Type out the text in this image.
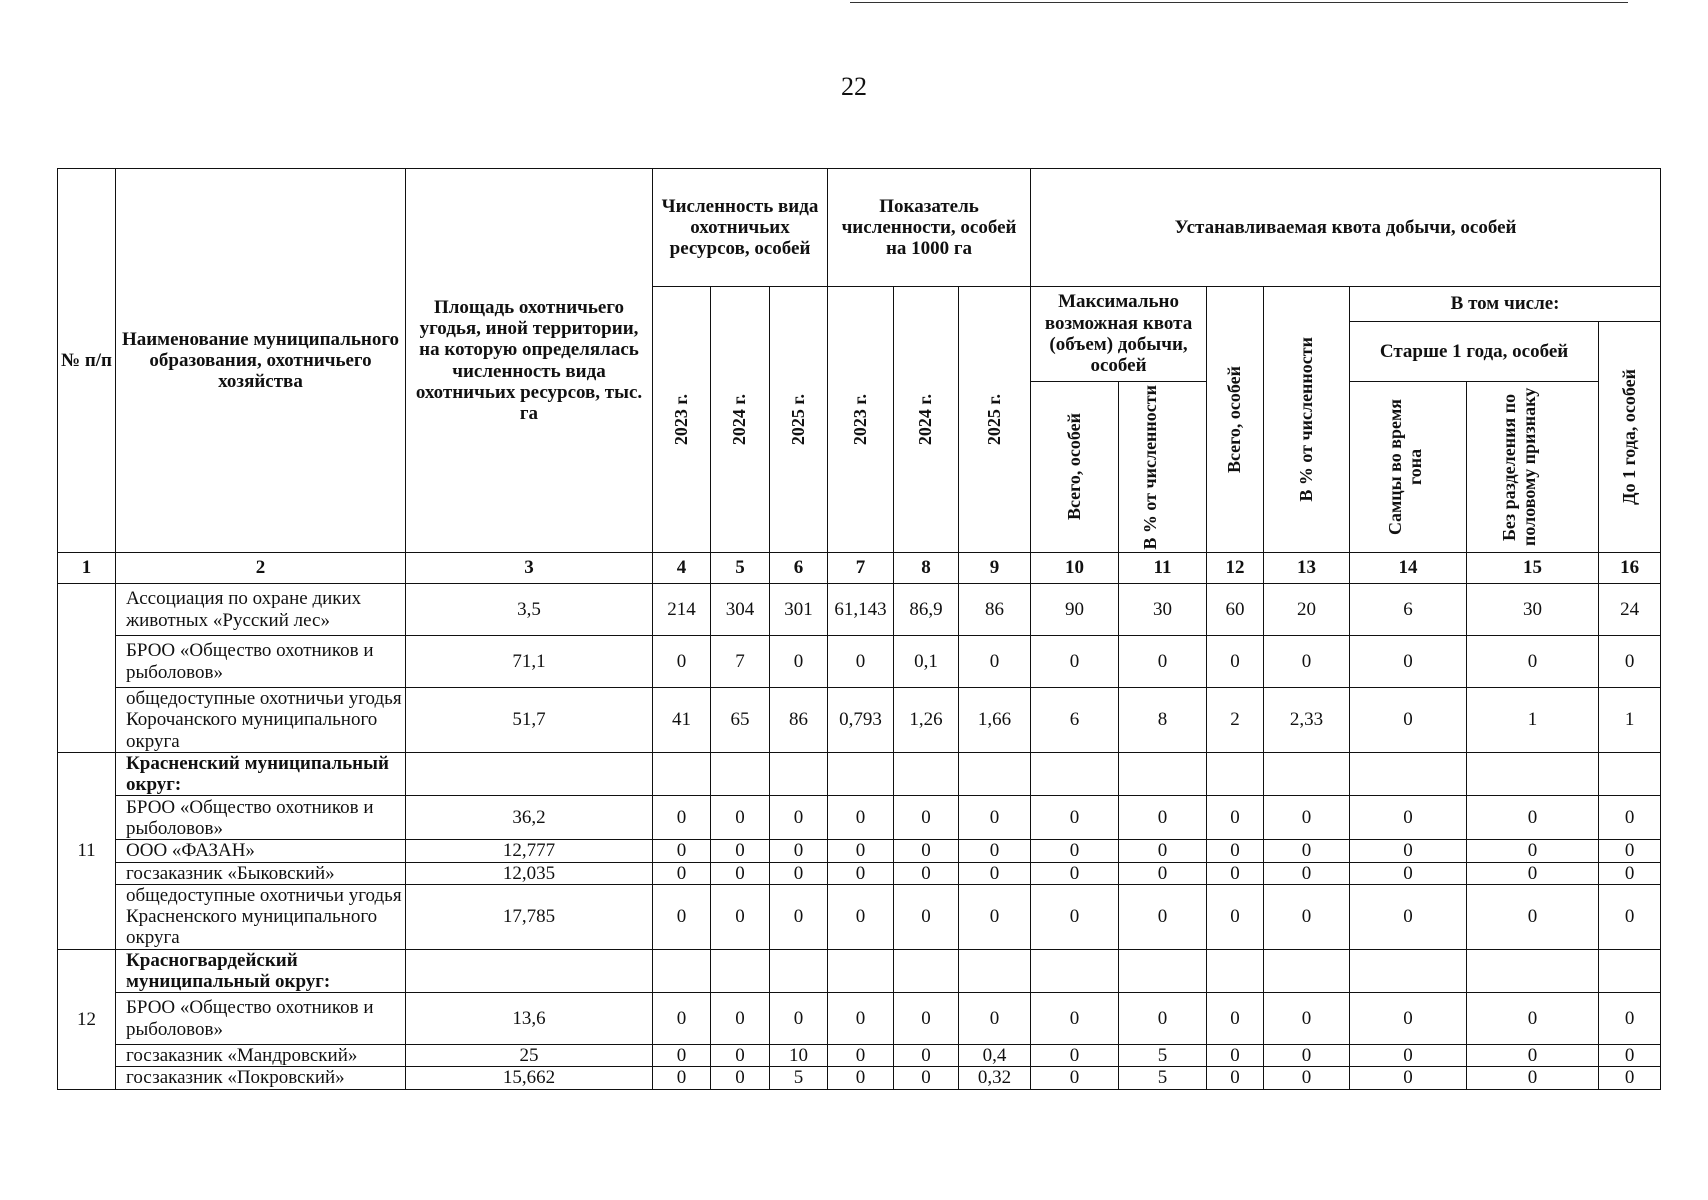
22
№ п/п	Наименование муниципального образования, охотничьего хозяйства	Площадь охотничьего угодья, иной территории, на которую определялась численность вида охотничьих ресурсов, тыс. га	Численность вида охотничьих ресурсов, особей			Показатель численности, особей на 1000 га			Устанавливаемая квота добычи, особей						

			2023 г.	2024 г.	2025 г.	2023 г.	2024 г.	2025 г.	Максимально возможная квота (объем) добычи, особей		Всего, особей	В % от численности	В том числе:		
													Старше 1 года, особей		До 1 года, особей

									Всего, особей	В % от численности			Самцы во время гона	Без разделения по половому признаку	

1	2	3	4	5	6	7	8	9	10	11	12	13	14	15	16
	Ассоциация по охране диких животных «Русский лес»	3,5	214	304	301	61,143	86,9	86	90	30	60	20	6	30	24
	БРОО «Общество охотников и рыболовов»	71,1	0	7	0	0	0,1	0	0	0	0	0	0	0	0
	общедоступные охотничьи угодья Корочанского муниципального округа	51,7	41	65	86	0,793	1,26	1,66	6	8	2	2,33	0	1	1
11	Красненский муниципальный округ:														
	БРОО «Общество охотников и рыболовов»	36,2	0	0	0	0	0	0	0	0	0	0	0	0	0
	ООО «ФАЗАН»	12,777	0	0	0	0	0	0	0	0	0	0	0	0	0
	госзаказник «Быковский»	12,035	0	0	0	0	0	0	0	0	0	0	0	0	0
	общедоступные охотничьи угодья Красненского муниципального округа	17,785	0	0	0	0	0	0	0	0	0	0	0	0	0
12	Красногвардейский муниципальный округ:														
	БРОО «Общество охотников и рыболовов»	13,6	0	0	0	0	0	0	0	0	0	0	0	0	0
	госзаказник «Мандровский»	25	0	0	10	0	0	0,4	0	5	0	0	0	0	0
	госзаказник «Покровский»	15,662	0	0	5	0	0	0,32	0	5	0	0	0	0	0
